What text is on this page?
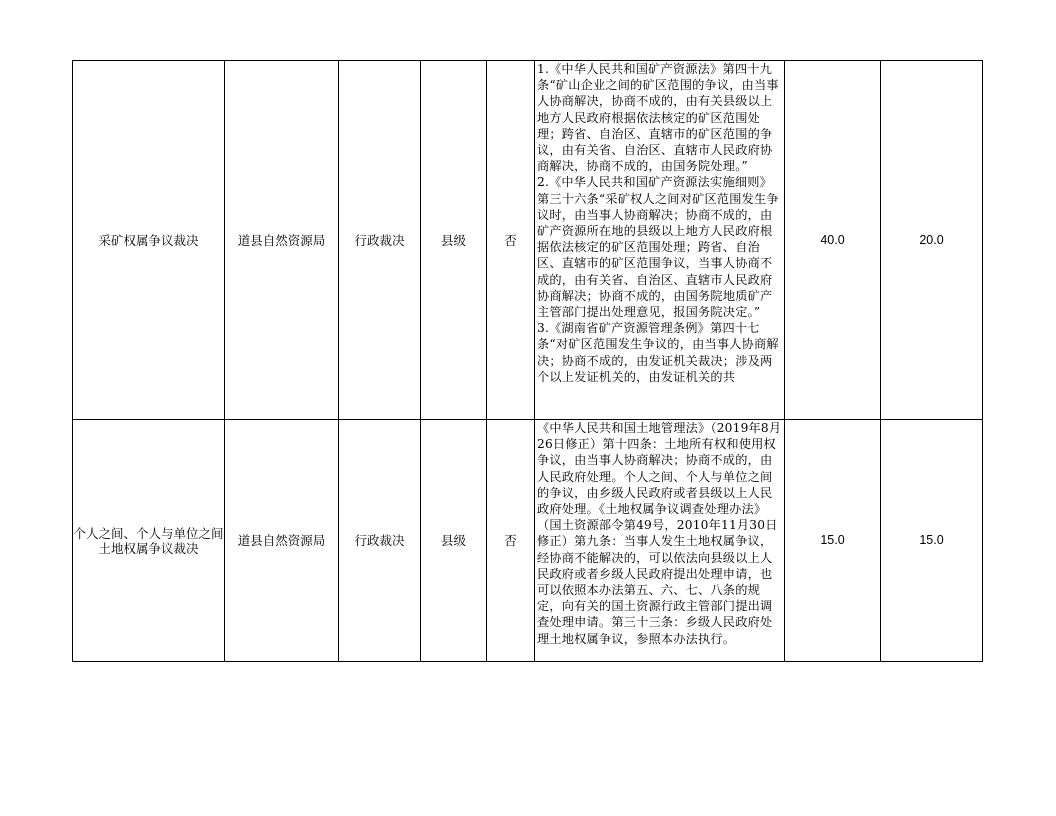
采矿权属争议裁决	道县自然资源局	行政裁决	县级	否	1.《中华人民共和国矿产资源法》第四十九条“矿山企业之间的矿区范围的争议，由当事人协商解决，协商不成的，由有关县级以上地方人民政府根据依法核定的矿区范围处理；跨省、自治区、直辖市的矿区范围的争议，由有关省、自治区、直辖市人民政府协商解决，协商不成的，由国务院处理。”
2.《中华人民共和国矿产资源法实施细则》第三十六条“采矿权人之间对矿区范围发生争议时，由当事人协商解决；协商不成的，由矿产资源所在地的县级以上地方人民政府根据依法核定的矿区范围处理；跨省、自治区、直辖市的矿区范围争议，当事人协商不成的，由有关省、自治区、直辖市人民政府协商解决；协商不成的，由国务院地质矿产主管部门提出处理意见，报国务院决定。”
3.《湖南省矿产资源管理条例》第四十七条“对矿区范围发生争议的，由当事人协商解决；协商不成的，由发证机关裁决；涉及两个以上发证机关的，由发证机关的共	40.0	20.0
个人之间、个人与单位之间土地权属争议裁决	道县自然资源局	行政裁决	县级	否	《中华人民共和国土地管理法》（2019年8月26日修正）第十四条：土地所有权和使用权争议，由当事人协商解决；协商不成的，由人民政府处理。个人之间、个人与单位之间的争议，由乡级人民政府或者县级以上人民政府处理。《土地权属争议调查处理办法》（国土资源部令第49号，2010年11月30日修正）第九条：当事人发生土地权属争议，经协商不能解决的，可以依法向县级以上人民政府或者乡级人民政府提出处理申请，也可以依照本办法第五、六、七、八条的规定，向有关的国土资源行政主管部门提出调查处理申请。第三十三条：乡级人民政府处理土地权属争议，参照本办法执行。	15.0	15.0
